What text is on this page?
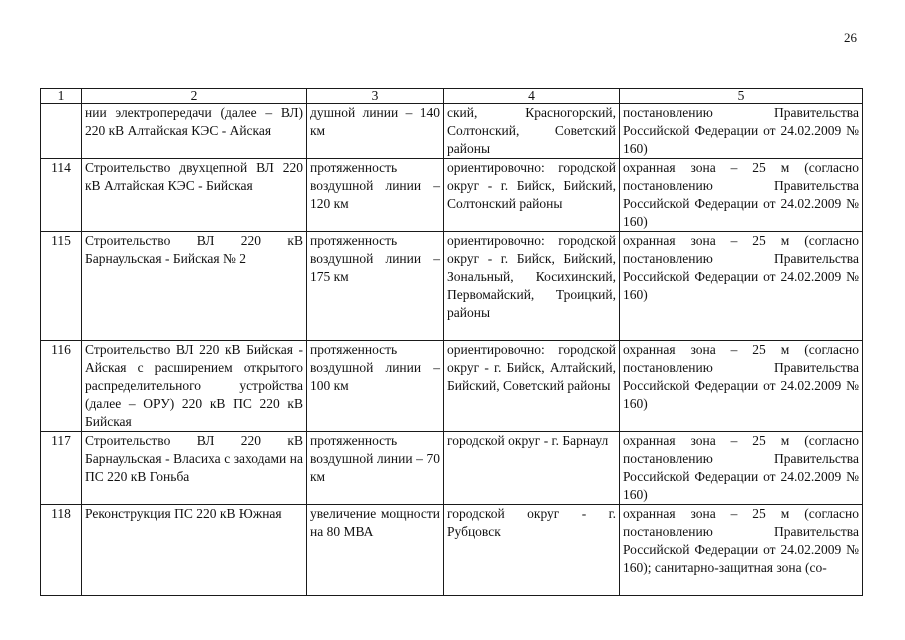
26
1	2	3	4	5
	нии электропередачи (далее – ВЛ) 220 кВ Алтайская КЭС - Айская	душной линии – 140 км	ский, Красногорский, Солтонский, Советский районы	постановлению Правительства Российской Федерации от 24.02.2009 № 160)
114	Строительство двухцепной ВЛ 220 кВ Алтайская КЭС - Бийская	протяженность воздушной линии – 120 км	ориентировочно: городской округ - г. Бийск, Бийский, Солтонский районы	охранная зона – 25 м (согласно постановлению Правительства Российской Федерации от 24.02.2009 № 160)
115	Строительство ВЛ 220 кВ Барнаульская - Бийская № 2	протяженность воздушной линии – 175 км	ориентировочно: городской округ - г. Бийск, Бийский, Зональный, Косихинский, Первомайский, Троицкий, районы	охранная зона – 25 м (согласно постановлению Правительства Российской Федерации от 24.02.2009 № 160)
116	Строительство ВЛ 220 кВ Бийская - Айская с расширением открытого распределительного устройства (далее – ОРУ) 220 кВ ПС 220 кВ Бийская	протяженность воздушной линии – 100 км	ориентировочно: городской округ - г. Бийск, Алтайский, Бийский, Советский районы	охранная зона – 25 м (согласно постановлению Правительства Российской Федерации от 24.02.2009 № 160)
117	Строительство ВЛ 220 кВ Барнаульская - Власиха с заходами на ПС 220 кВ Гоньба	протяженность воздушной линии – 70 км	городской округ - г. Барнаул	охранная зона – 25 м (согласно постановлению Правительства Российской Федерации от 24.02.2009 № 160)
118	Реконструкция ПС 220 кВ Южная	увеличение мощности на 80 МВА	городской округ - г. Рубцовск	охранная зона – 25 м (согласно постановлению Правительства Российской Федерации от 24.02.2009 № 160); санитарно-защитная зона (со-
